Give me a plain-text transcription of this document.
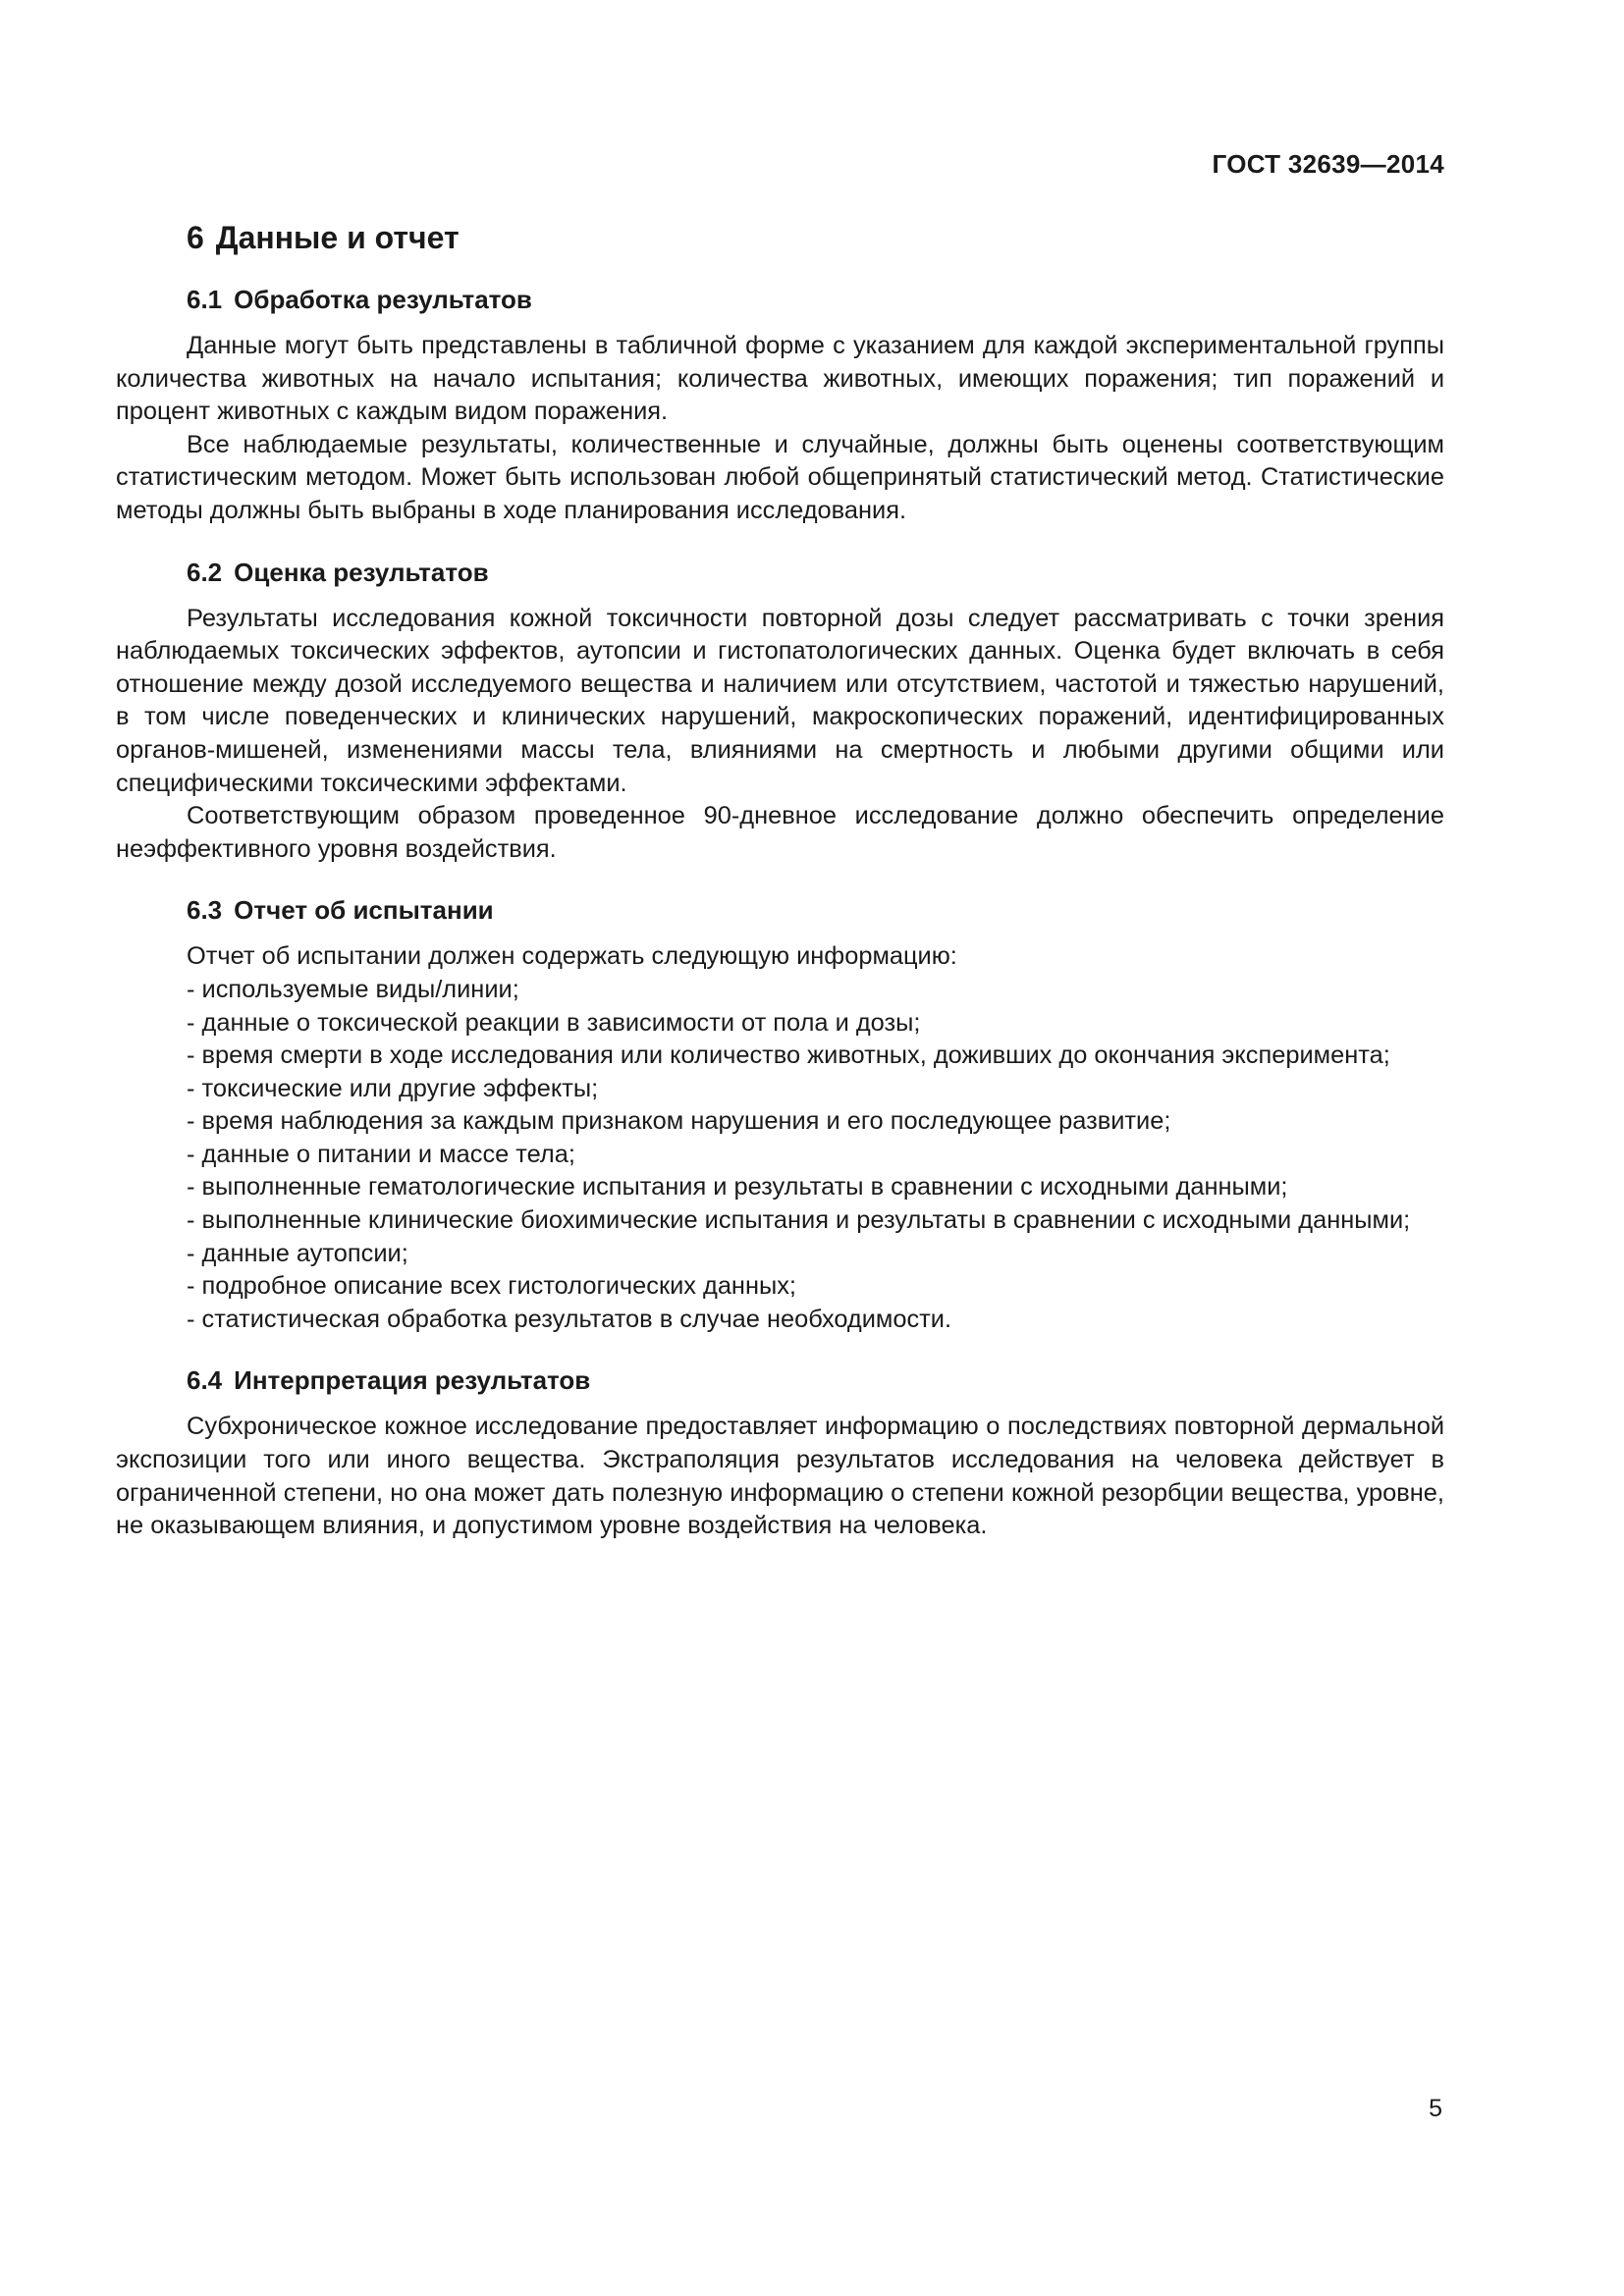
ГОСТ 32639—2014
6 Данные и отчет
6.1 Обработка результатов

Данные могут быть представлены в табличной форме с указанием для каждой экспериментальной группы количества животных на начало испытания; количества животных, имеющих поражения; тип поражений и процент животных с каждым видом поражения.

Все наблюдаемые результаты, количественные и случайные, должны быть оценены соответствующим статистическим методом. Может быть использован любой общепринятый статистический метод. Статистические методы должны быть выбраны в ходе планирования исследования.

6.2 Оценка результатов

Результаты исследования кожной токсичности повторной дозы следует рассматривать с точки зрения наблюдаемых токсических эффектов, аутопсии и гистопатологических данных. Оценка будет включать в себя отношение между дозой исследуемого вещества и наличием или отсутствием, частотой и тяжестью нарушений, в том числе поведенческих и клинических нарушений, макроскопических поражений, идентифицированных органов-мишеней, изменениями массы тела, влияниями на смертность и любыми другими общими или специфическими токсическими эффектами.

Соответствующим образом проведенное 90-дневное исследование должно обеспечить определение неэффективного уровня воздействия.

6.3 Отчет об испытании

Отчет об испытании должен содержать следующую информацию:

- используемые виды/линии;
- данные о токсической реакции в зависимости от пола и дозы;
- время смерти в ходе исследования или количество животных, доживших до окончания эксперимента;
- токсические или другие эффекты;
- время наблюдения за каждым признаком нарушения и его последующее развитие;
- данные о питании и массе тела;
- выполненные гематологические испытания и результаты в сравнении с исходными данными;
- выполненные клинические биохимические испытания и результаты в сравнении с исходными данными;
- данные аутопсии;
- подробное описание всех гистологических данных;
- статистическая обработка результатов в случае необходимости.
6.4 Интерпретация результатов

Субхроническое кожное исследование предоставляет информацию о последствиях повторной дермальной экспозиции того или иного вещества. Экстраполяция результатов исследования на человека действует в ограниченной степени, но она может дать полезную информацию о степени кожной резорбции вещества, уровне, не оказывающем влияния, и допустимом уровне воздействия на человека.

5
